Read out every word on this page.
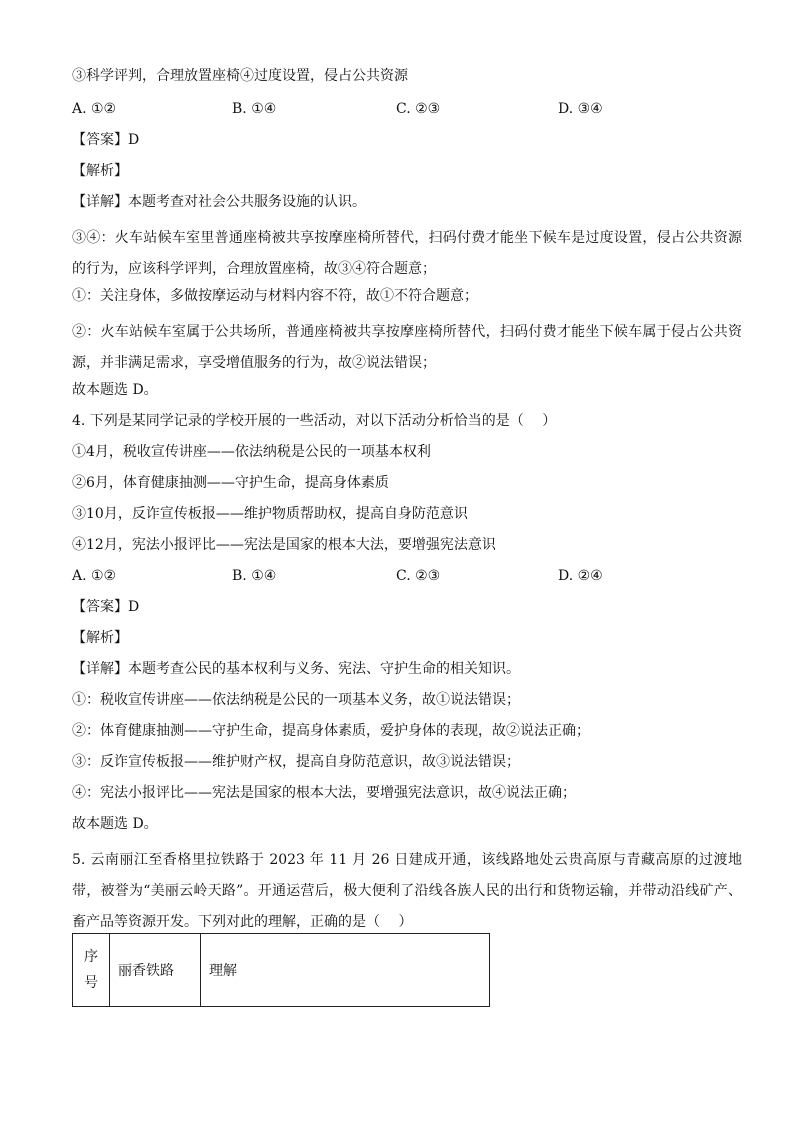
③科学评判，合理放置座椅④过度设置，侵占公共资源
A. ①②	B. ①④	C. ②③	D. ③④
【答案】D
【解析】
【详解】本题考查对社会公共服务设施的认识。
③④：火车站候车室里普通座椅被共享按摩座椅所替代，扫码付费才能坐下候车是过度设置，侵占公共资源的行为，应该科学评判，合理放置座椅，故③④符合题意；
①：关注身体，多做按摩运动与材料内容不符，故①不符合题意；
②：火车站候车室属于公共场所，普通座椅被共享按摩座椅所替代，扫码付费才能坐下候车属于侵占公共资源，并非满足需求，享受增值服务的行为，故②说法错误；
故本题选 D。
4. 下列是某同学记录的学校开展的一些活动，对以下活动分析恰当的是（　 ）
①4月，税收宣传讲座——依法纳税是公民的一项基本权利
②6月，体育健康抽测——守护生命，提高身体素质
③10月，反诈宣传板报——维护物质帮助权，提高自身防范意识
④12月，宪法小报评比——宪法是国家的根本大法，要增强宪法意识
A. ①②	B. ①④	C. ②③	D. ②④
【答案】D
【解析】
【详解】本题考查公民的基本权利与义务、宪法、守护生命的相关知识。
①：税收宣传讲座——依法纳税是公民的一项基本义务，故①说法错误；
②：体育健康抽测——守护生命，提高身体素质，爱护身体的表现，故②说法正确；
③：反诈宣传板报——维护财产权，提高自身防范意识，故③说法错误；
④：宪法小报评比——宪法是国家的根本大法，要增强宪法意识，故④说法正确；
故本题选 D。
5. 云南丽江至香格里拉铁路于 2023 年 11 月 26 日建成开通，该线路地处云贵高原与青藏高原的过渡地带，被誉为“美丽云岭天路”。开通运营后，极大便利了沿线各族人民的出行和货物运输，并带动沿线矿产、畜产品等资源开发。下列对此的理解，正确的是（　 ）
序号	丽香铁路	理解
